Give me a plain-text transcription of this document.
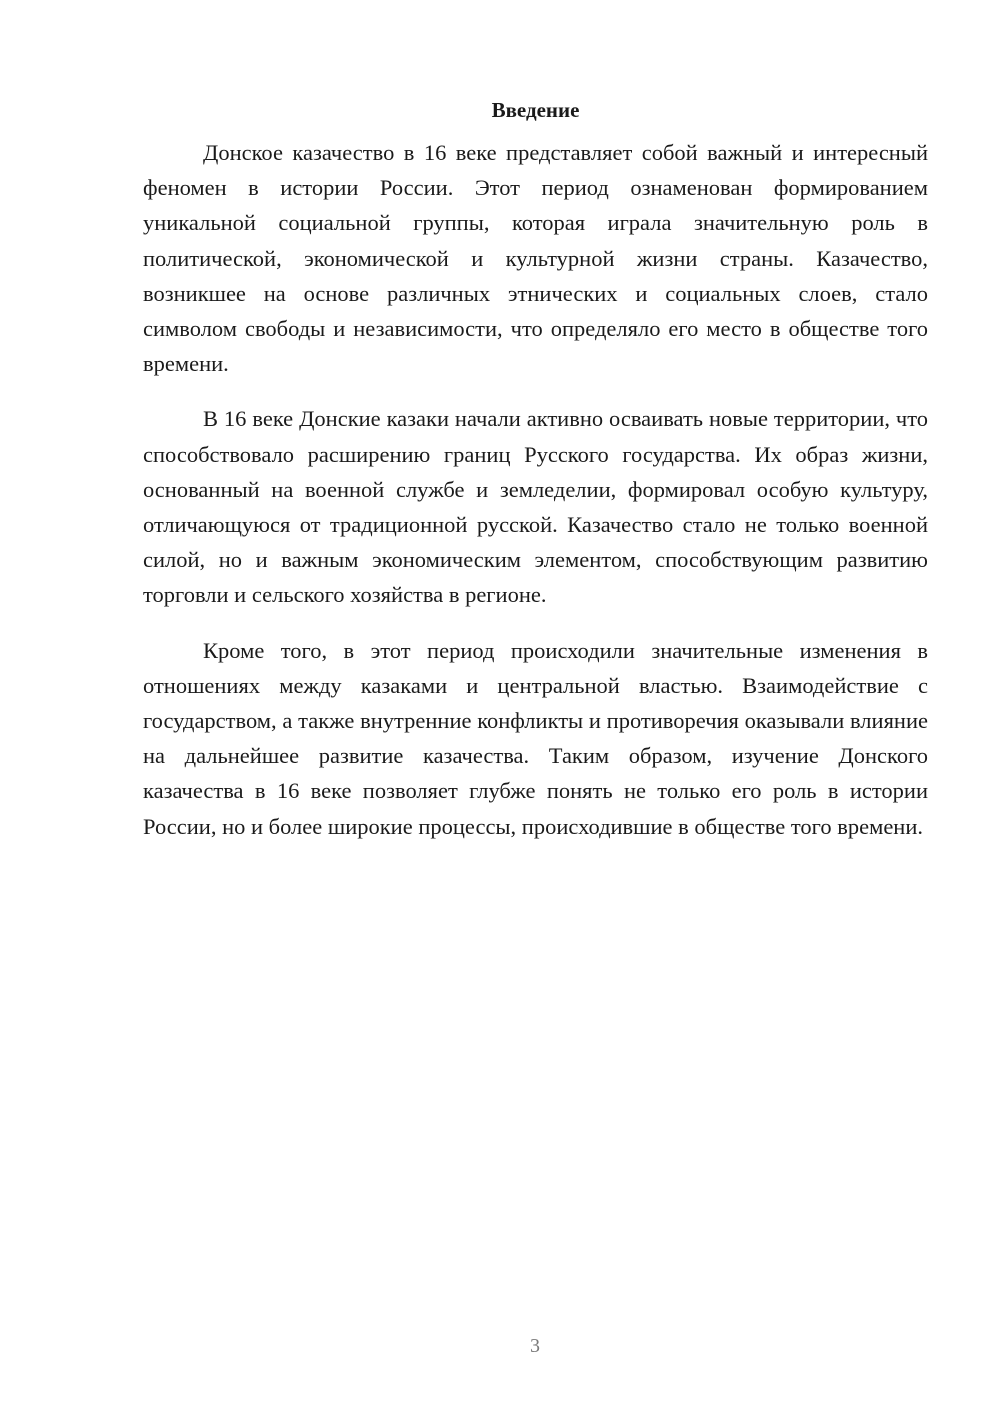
Введение

Донское казачество в 16 веке представляет собой важный и интересный феномен в истории России. Этот период ознаменован формированием уникальной социальной группы, которая играла значительную роль в политической, экономической и культурной жизни страны. Казачество, возникшее на основе различных этнических и социальных слоев, стало символом свободы и независимости, что определяло его место в обществе того времени.

В 16 веке Донские казаки начали активно осваивать новые территории, что способствовало расширению границ Русского государства. Их образ жизни, основанный на военной службе и земледелии, формировал особую культуру, отличающуюся от традиционной русской. Казачество стало не только военной силой, но и важным экономическим элементом, способствующим развитию торговли и сельского хозяйства в регионе.

Кроме того, в этот период происходили значительные изменения в отношениях между казаками и центральной властью. Взаимодействие с государством, а также внутренние конфликты и противоречия оказывали влияние на дальнейшее развитие казачества. Таким образом, изучение Донского казачества в 16 веке позволяет глубже понять не только его роль в истории России, но и более широкие процессы, происходившие в обществе того времени.

3
